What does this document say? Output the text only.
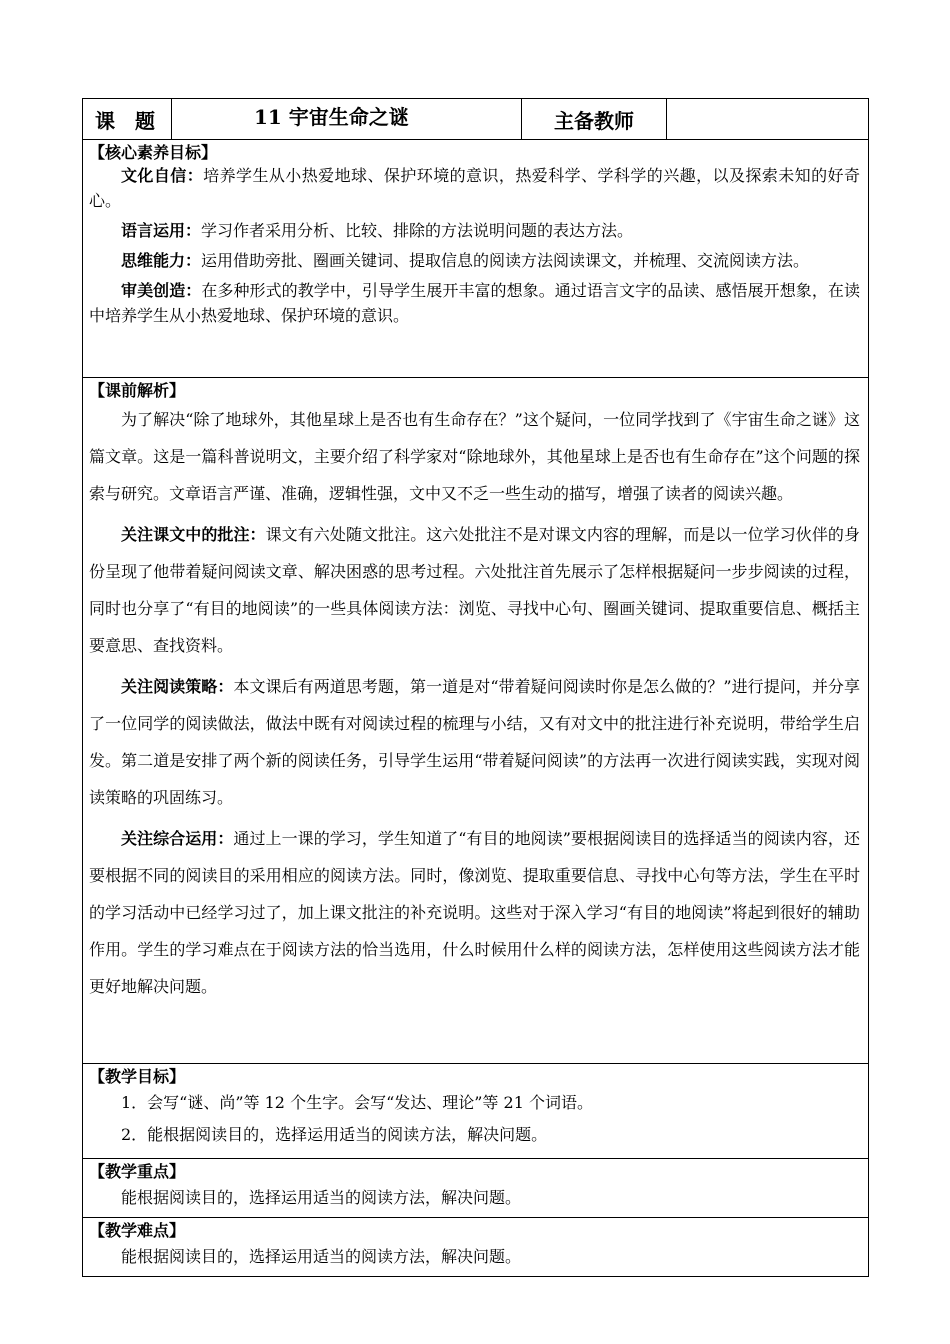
课　题	11 宇宙生命之谜	主备教师	

【核心素养目标】

文化自信：培养学生从小热爱地球、保护环境的意识，热爱科学、学科学的兴趣，以及探索未知的好奇心。

语言运用：学习作者采用分析、比较、排除的方法说明问题的表达方法。

思维能力：运用借助旁批、圈画关键词、提取信息的阅读方法阅读课文，并梳理、交流阅读方法。

审美创造：在多种形式的教学中，引导学生展开丰富的想象。通过语言文字的品读、感悟展开想象，在读中培养学生从小热爱地球、保护环境的意识。

【课前解析】

为了解决“除了地球外，其他星球上是否也有生命存在？”这个疑问，一位同学找到了《宇宙生命之谜》这篇文章。这是一篇科普说明文，主要介绍了科学家对“除地球外，其他星球上是否也有生命存在”这个问题的探索与研究。文章语言严谨、准确，逻辑性强，文中又不乏一些生动的描写，增强了读者的阅读兴趣。

关注课文中的批注：课文有六处随文批注。这六处批注不是对课文内容的理解，而是以一位学习伙伴的身份呈现了他带着疑问阅读文章、解决困惑的思考过程。六处批注首先展示了怎样根据疑问一步步阅读的过程，同时也分享了“有目的地阅读”的一些具体阅读方法：浏览、寻找中心句、圈画关键词、提取重要信息、概括主要意思、查找资料。

关注阅读策略：本文课后有两道思考题，第一道是对“带着疑问阅读时你是怎么做的？”进行提问，并分享了一位同学的阅读做法，做法中既有对阅读过程的梳理与小结，又有对文中的批注进行补充说明，带给学生启发。第二道是安排了两个新的阅读任务，引导学生运用“带着疑问阅读”的方法再一次进行阅读实践，实现对阅读策略的巩固练习。

关注综合运用：通过上一课的学习，学生知道了“有目的地阅读”要根据阅读目的选择适当的阅读内容，还要根据不同的阅读目的采用相应的阅读方法。同时，像浏览、提取重要信息、寻找中心句等方法，学生在平时的学习活动中已经学习过了，加上课文批注的补充说明。这些对于深入学习“有目的地阅读”将起到很好的辅助作用。学生的学习难点在于阅读方法的恰当选用，什么时候用什么样的阅读方法，怎样使用这些阅读方法才能更好地解决问题。

【教学目标】

1．会写“谜、尚”等 12 个生字。会写“发达、理论”等 21 个词语。

2．能根据阅读目的，选择运用适当的阅读方法，解决问题。

【教学重点】

能根据阅读目的，选择运用适当的阅读方法，解决问题。

【教学难点】

能根据阅读目的，选择运用适当的阅读方法，解决问题。
